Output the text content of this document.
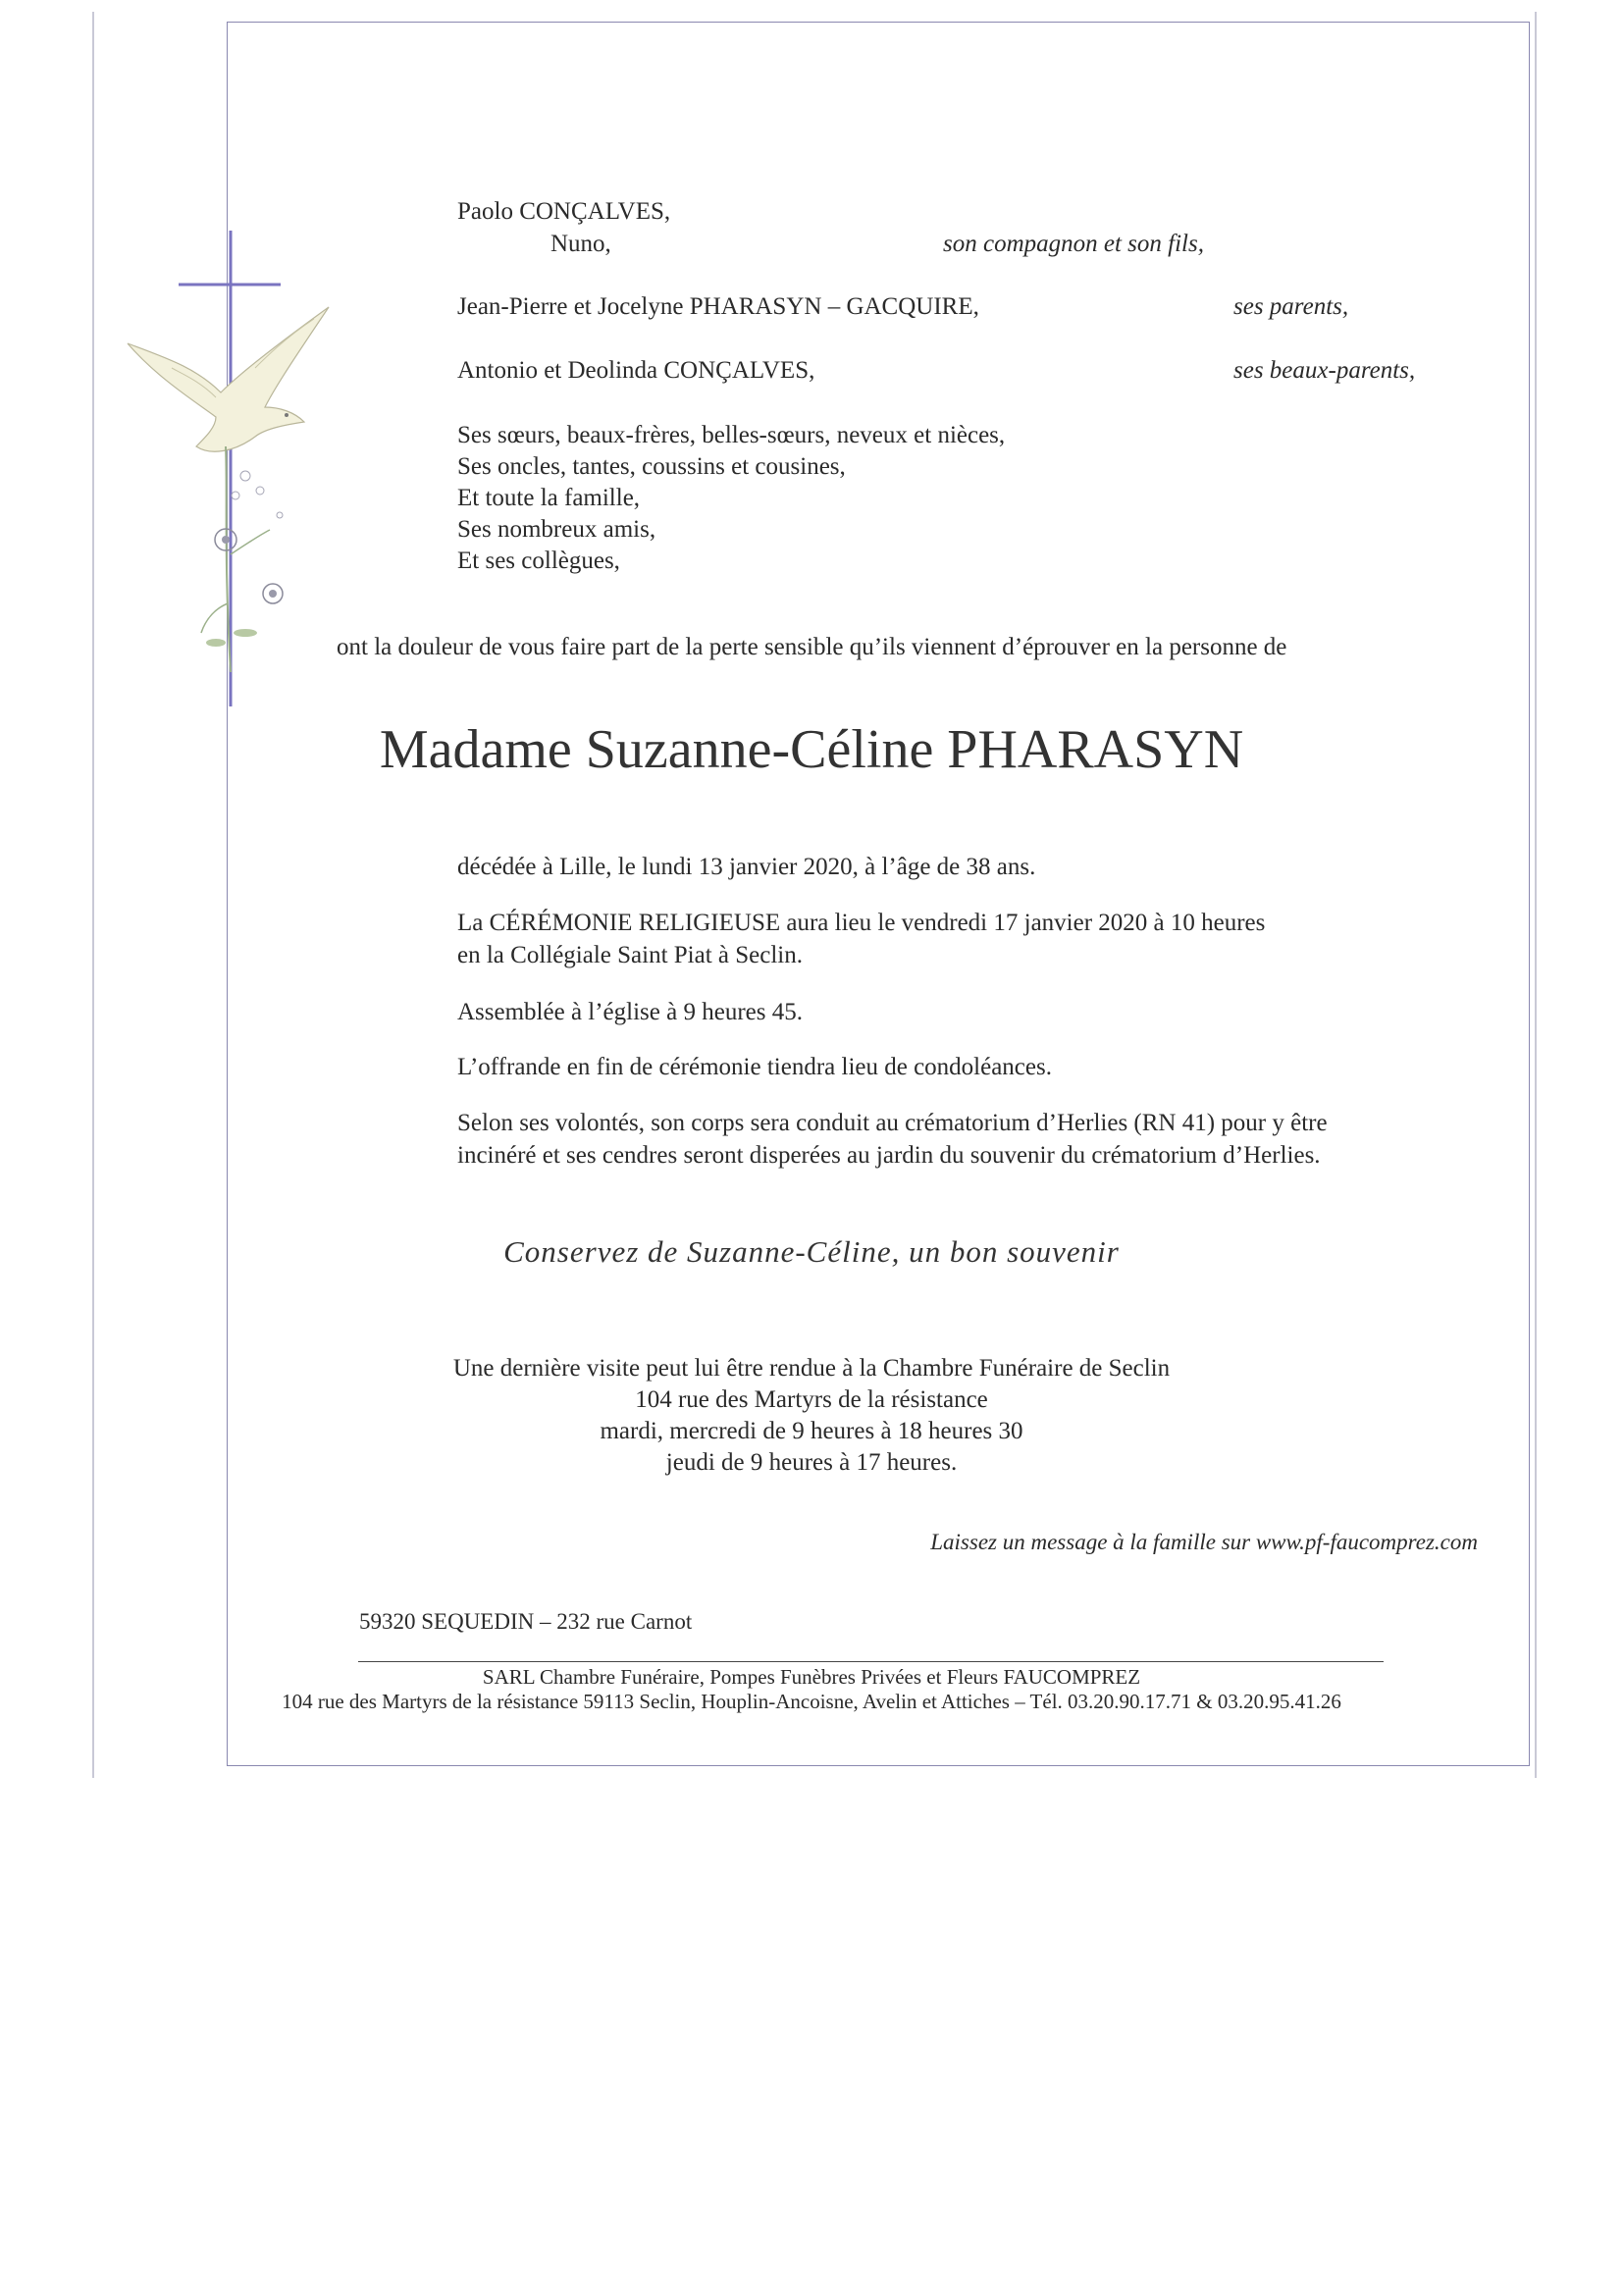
Paolo CONÇALVES,
Nuno,	son compagnon et son fils,
Jean-Pierre et Jocelyne PHARASYN – GACQUIRE,	ses parents,
Antonio et Deolinda CONÇALVES,	ses beaux-parents,
Ses sœurs, beaux-frères, belles-sœurs, neveux et nièces,
Ses oncles, tantes, coussins et cousines,
Et toute la famille,
Ses nombreux amis,
Et ses collègues,
ont la douleur de vous faire part de la perte sensible qu’ils viennent d’éprouver en la personne de
Madame Suzanne-Céline PHARASYN
décédée à Lille, le lundi 13 janvier 2020, à l’âge de 38 ans.
La CÉRÉMONIE RELIGIEUSE aura lieu le vendredi 17 janvier 2020 à 10 heures
en la Collégiale Saint Piat à Seclin.
Assemblée à l’église à 9 heures 45.
L’offrande en fin de cérémonie tiendra lieu de condoléances.
Selon ses volontés, son corps sera conduit au crématorium d’Herlies (RN 41) pour y être
incinéré et ses cendres seront disperées au jardin du souvenir du crématorium d’Herlies.
Conservez de Suzanne-Céline, un bon souvenir
Une dernière visite peut lui être rendue à la Chambre Funéraire de Seclin
104 rue des Martyrs de la résistance
mardi, mercredi de 9 heures à 18 heures 30
jeudi de 9 heures à 17 heures.
Laissez un message à la famille sur www.pf-faucomprez.com
59320 SEQUEDIN – 232 rue Carnot
SARL Chambre Funéraire, Pompes Funèbres Privées et Fleurs FAUCOMPREZ
104 rue des Martyrs de la résistance 59113 Seclin, Houplin-Ancoisne, Avelin et Attiches – Tél. 03.20.90.17.71 & 03.20.95.41.26
